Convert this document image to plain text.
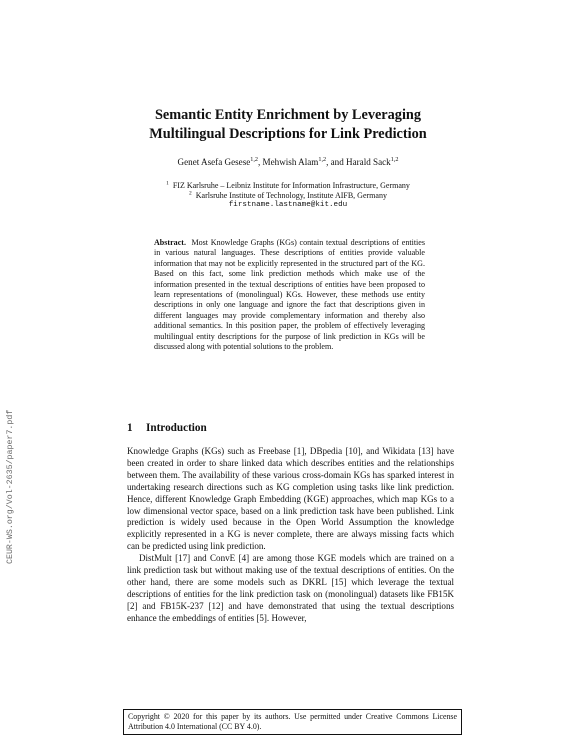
CEUR-WS.org/Vol-2635/paper7.pdf
Semantic Entity Enrichment by Leveraging
Multilingual Descriptions for Link Prediction
Genet Asefa Gesese$^{1,2}$, Mehwish Alam$^{1,2}$, and Harald Sack$^{1,2}$
$^1$ FIZ Karlsruhe – Leibniz Institute for Information Infrastructure, Germany
$^2$ Karlsruhe Institute of Technology, Institute AIFB, Germany
firstname.lastname@kit.edu
Abstract. Most Knowledge Graphs (KGs) contain textual descriptions of entities in various natural languages. These descriptions of entities provide valuable information that may not be explicitly represented in the structured part of the KG. Based on this fact, some link prediction methods which make use of the information presented in the textual descriptions of entities have been proposed to learn representations of (monolingual) KGs. However, these methods use entity descriptions in only one language and ignore the fact that descriptions given in different languages may provide complementary information and thereby also additional semantics. In this position paper, the problem of effectively leveraging multilingual entity descriptions for the purpose of link prediction in KGs will be discussed along with potential solutions to the problem.
1 Introduction

Knowledge Graphs (KGs) such as Freebase [1], DBpedia [10], and Wikidata [13] have been created in order to share linked data which describes entities and the relationships between them. The availability of these various cross-domain KGs has sparked interest in undertaking research directions such as KG completion using tasks like link prediction. Hence, different Knowledge Graph Embedding (KGE) approaches, which map KGs to a low dimensional vector space, based on a link prediction task have been published. Link prediction is widely used because in the Open World Assumption the knowledge explicitly represented in a KG is never complete, there are always missing facts which can be predicted using link prediction.

DistMult [17] and ConvE [4] are among those KGE models which are trained on a link prediction task but without making use of the textual descriptions of entities. On the other hand, there are some models such as DKRL [15] which leverage the textual descriptions of entities for the link prediction task on (monolingual) datasets like FB15K [2] and FB15K-237 [12] and have demonstrated that using the textual descriptions enhance the embeddings of entities [5]. However,

Copyright © 2020 for this paper by its authors. Use permitted under Creative Commons License Attribution 4.0 International (CC BY 4.0).
